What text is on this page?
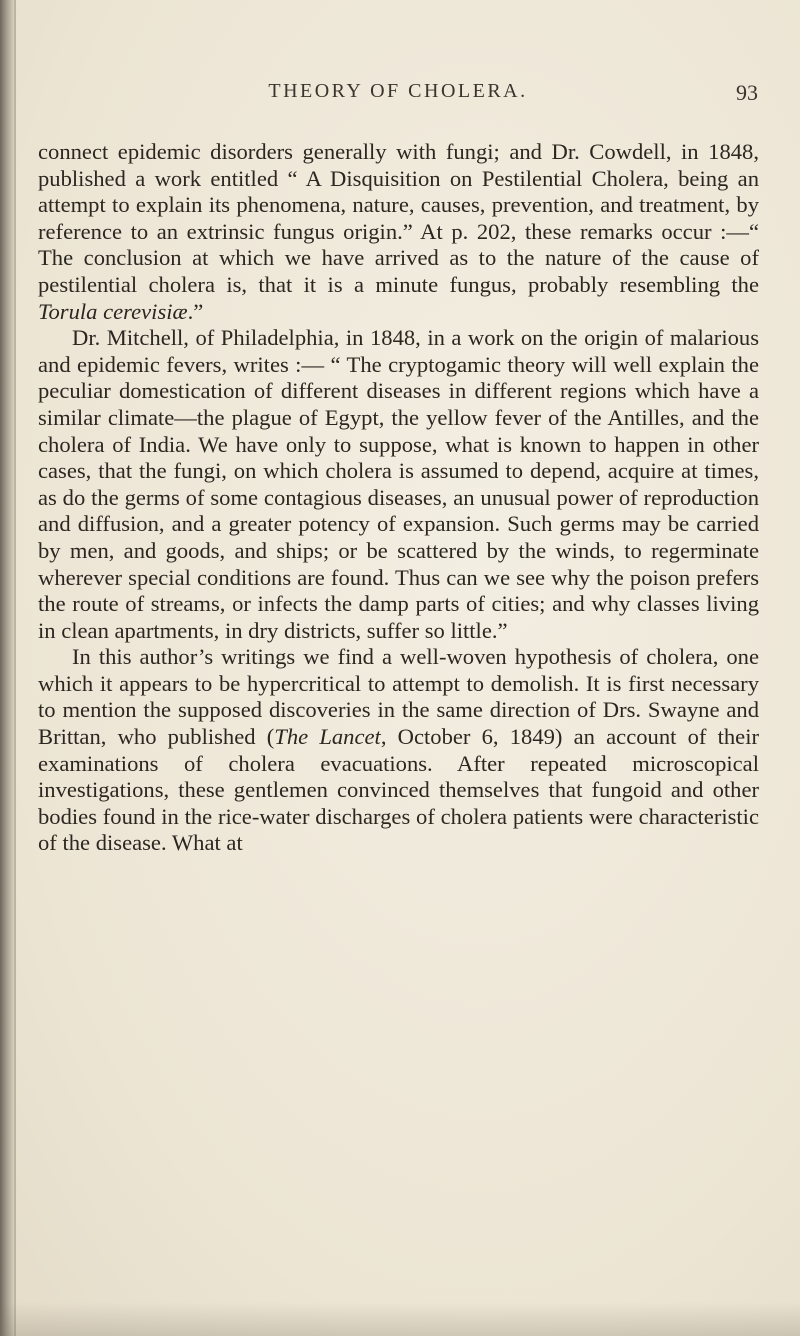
THEORY OF CHOLERA.	93

connect epidemic disorders generally with fungi; and Dr. Cowdell, in 1848, published a work entitled “ A Disquisition on Pestilential Cholera, being an attempt to explain its phenomena, nature, causes, prevention, and treatment, by reference to an extrinsic fungus origin.” At p. 202, these remarks occur :—“ The conclusion at which we have arrived as to the nature of the cause of pestilential cholera is, that it is a minute fungus, probably resembling the Torula cerevisiæ.”

Dr. Mitchell, of Philadelphia, in 1848, in a work on the origin of malarious and epidemic fevers, writes :— “ The cryptogamic theory will well explain the peculiar domestication of different diseases in different regions which have a similar climate—the plague of Egypt, the yellow fever of the Antilles, and the cholera of India. We have only to suppose, what is known to happen in other cases, that the fungi, on which cholera is assumed to depend, acquire at times, as do the germs of some contagious diseases, an unusual power of reproduction and diffusion, and a greater potency of expansion. Such germs may be carried by men, and goods, and ships; or be scattered by the winds, to regerminate wherever special conditions are found. Thus can we see why the poison prefers the route of streams, or infects the damp parts of cities; and why classes living in clean apartments, in dry districts, suffer so little.”

In this author’s writings we find a well-woven hypothesis of cholera, one which it appears to be hypercritical to attempt to demolish. It is first necessary to mention the supposed discoveries in the same direction of Drs. Swayne and Brittan, who published (The Lancet, October 6, 1849) an account of their examinations of cholera evacuations. After repeated microscopical investigations, these gentlemen convinced themselves that fungoid and other bodies found in the rice-water discharges of cholera patients were characteristic of the disease. What at
